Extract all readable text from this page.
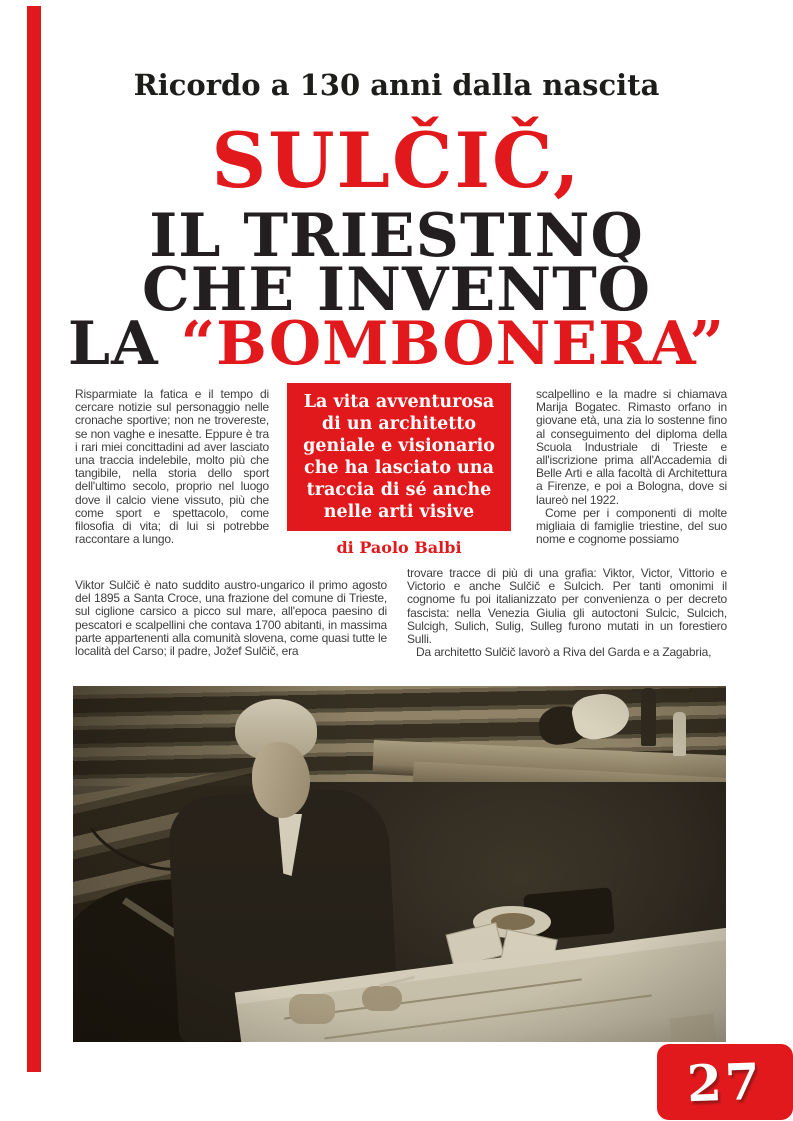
Ricordo a 130 anni dalla nascita
SULČIČ,
IL TRIESTINO
CHE INVENTÒ
LA “BOMBONERA”

La vita avventurosa di un architetto geniale e visionario che ha lasciato una traccia di sé anche nelle arti visive

di Paolo Balbi

Risparmiate la fatica e il tempo di cercare notizie sul personaggio nelle cronache sportive; non ne trovereste, se non vaghe e inesatte. Eppure è tra i rari miei concittadini ad aver lasciato una traccia indelebile, molto più che tangibile, nella storia dello sport dell'ultimo secolo, proprio nel luogo dove il calcio viene vissuto, più che come sport e spettacolo, come filosofia di vita; di lui si potrebbe raccontare a lungo.

scalpellino e la madre si chiamava Marija Bogatec. Rimasto orfano in giovane età, una zia lo sostenne fino al conseguimento del diploma della Scuola Industriale di Trieste e all'iscrizione prima all'Accademia di Belle Arti e alla facoltà di Architettura a Firenze, e poi a Bologna, dove si laureò nel 1922.

Come per i componenti di molte migliaia di famiglie triestine, del suo nome e cognome possiamo

Viktor Sulčič è nato suddito austro-ungarico il primo agosto del 1895 a Santa Croce, una frazione del comune di Trieste, sul ciglione carsico a picco sul mare, all'epoca paesino di pescatori e scalpellini che contava 1700 abitanti, in massima parte appartenenti alla comunità slovena, come quasi tutte le località del Carso; il padre, Jožef Sulčič, era

trovare tracce di più di una grafia: Viktor, Victor, Vittorio e Victorio e anche Sulčič e Sulcich. Per tanti omonimi il cognome fu poi italianizzato per convenienza o per decreto fascista: nella Venezia Giulia gli autoctoni Sulcic, Sulcich, Sulcigh, Sulich, Sulig, Sulleg furono mutati in un forestiero Sulli.

Da architetto Sulčič lavorò a Riva del Garda e a Zagabria,

27
